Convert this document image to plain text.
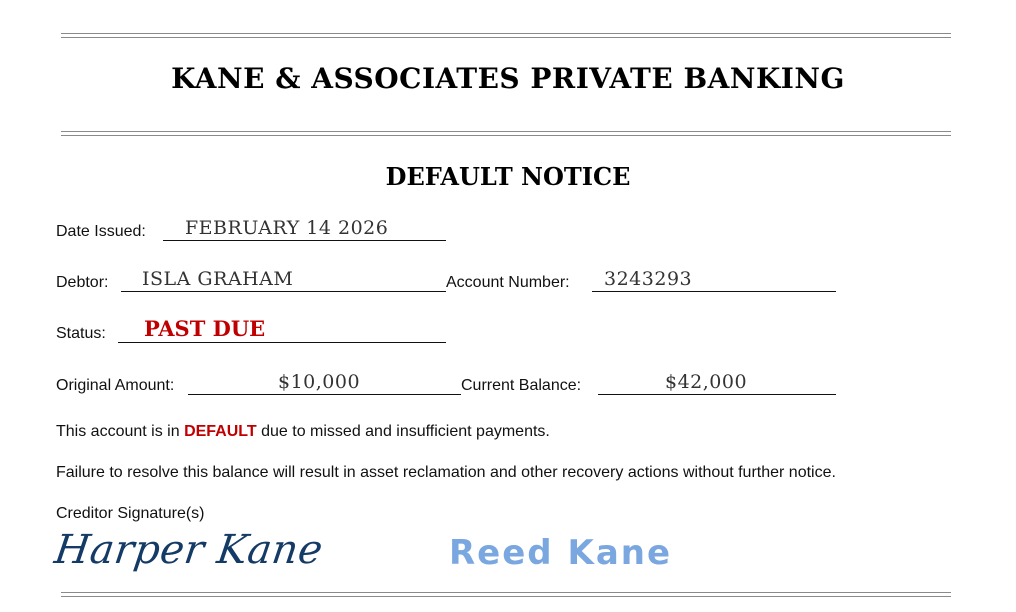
KANE & ASSOCIATES PRIVATE BANKING
DEFAULT NOTICE
Date Issued: FEBRUARY 14 2026
Debtor: ISLA GRAHAM	Account Number: 3243293
Status: PAST DUE
Original Amount:	$10,000	Current Balance:	$42,000
This account is in DEFAULT due to missed and insufficient payments.
Failure to resolve this balance will result in asset reclamation and other recovery actions without further notice.
Creditor Signature(s)
Harper Kane	Reed Kane
